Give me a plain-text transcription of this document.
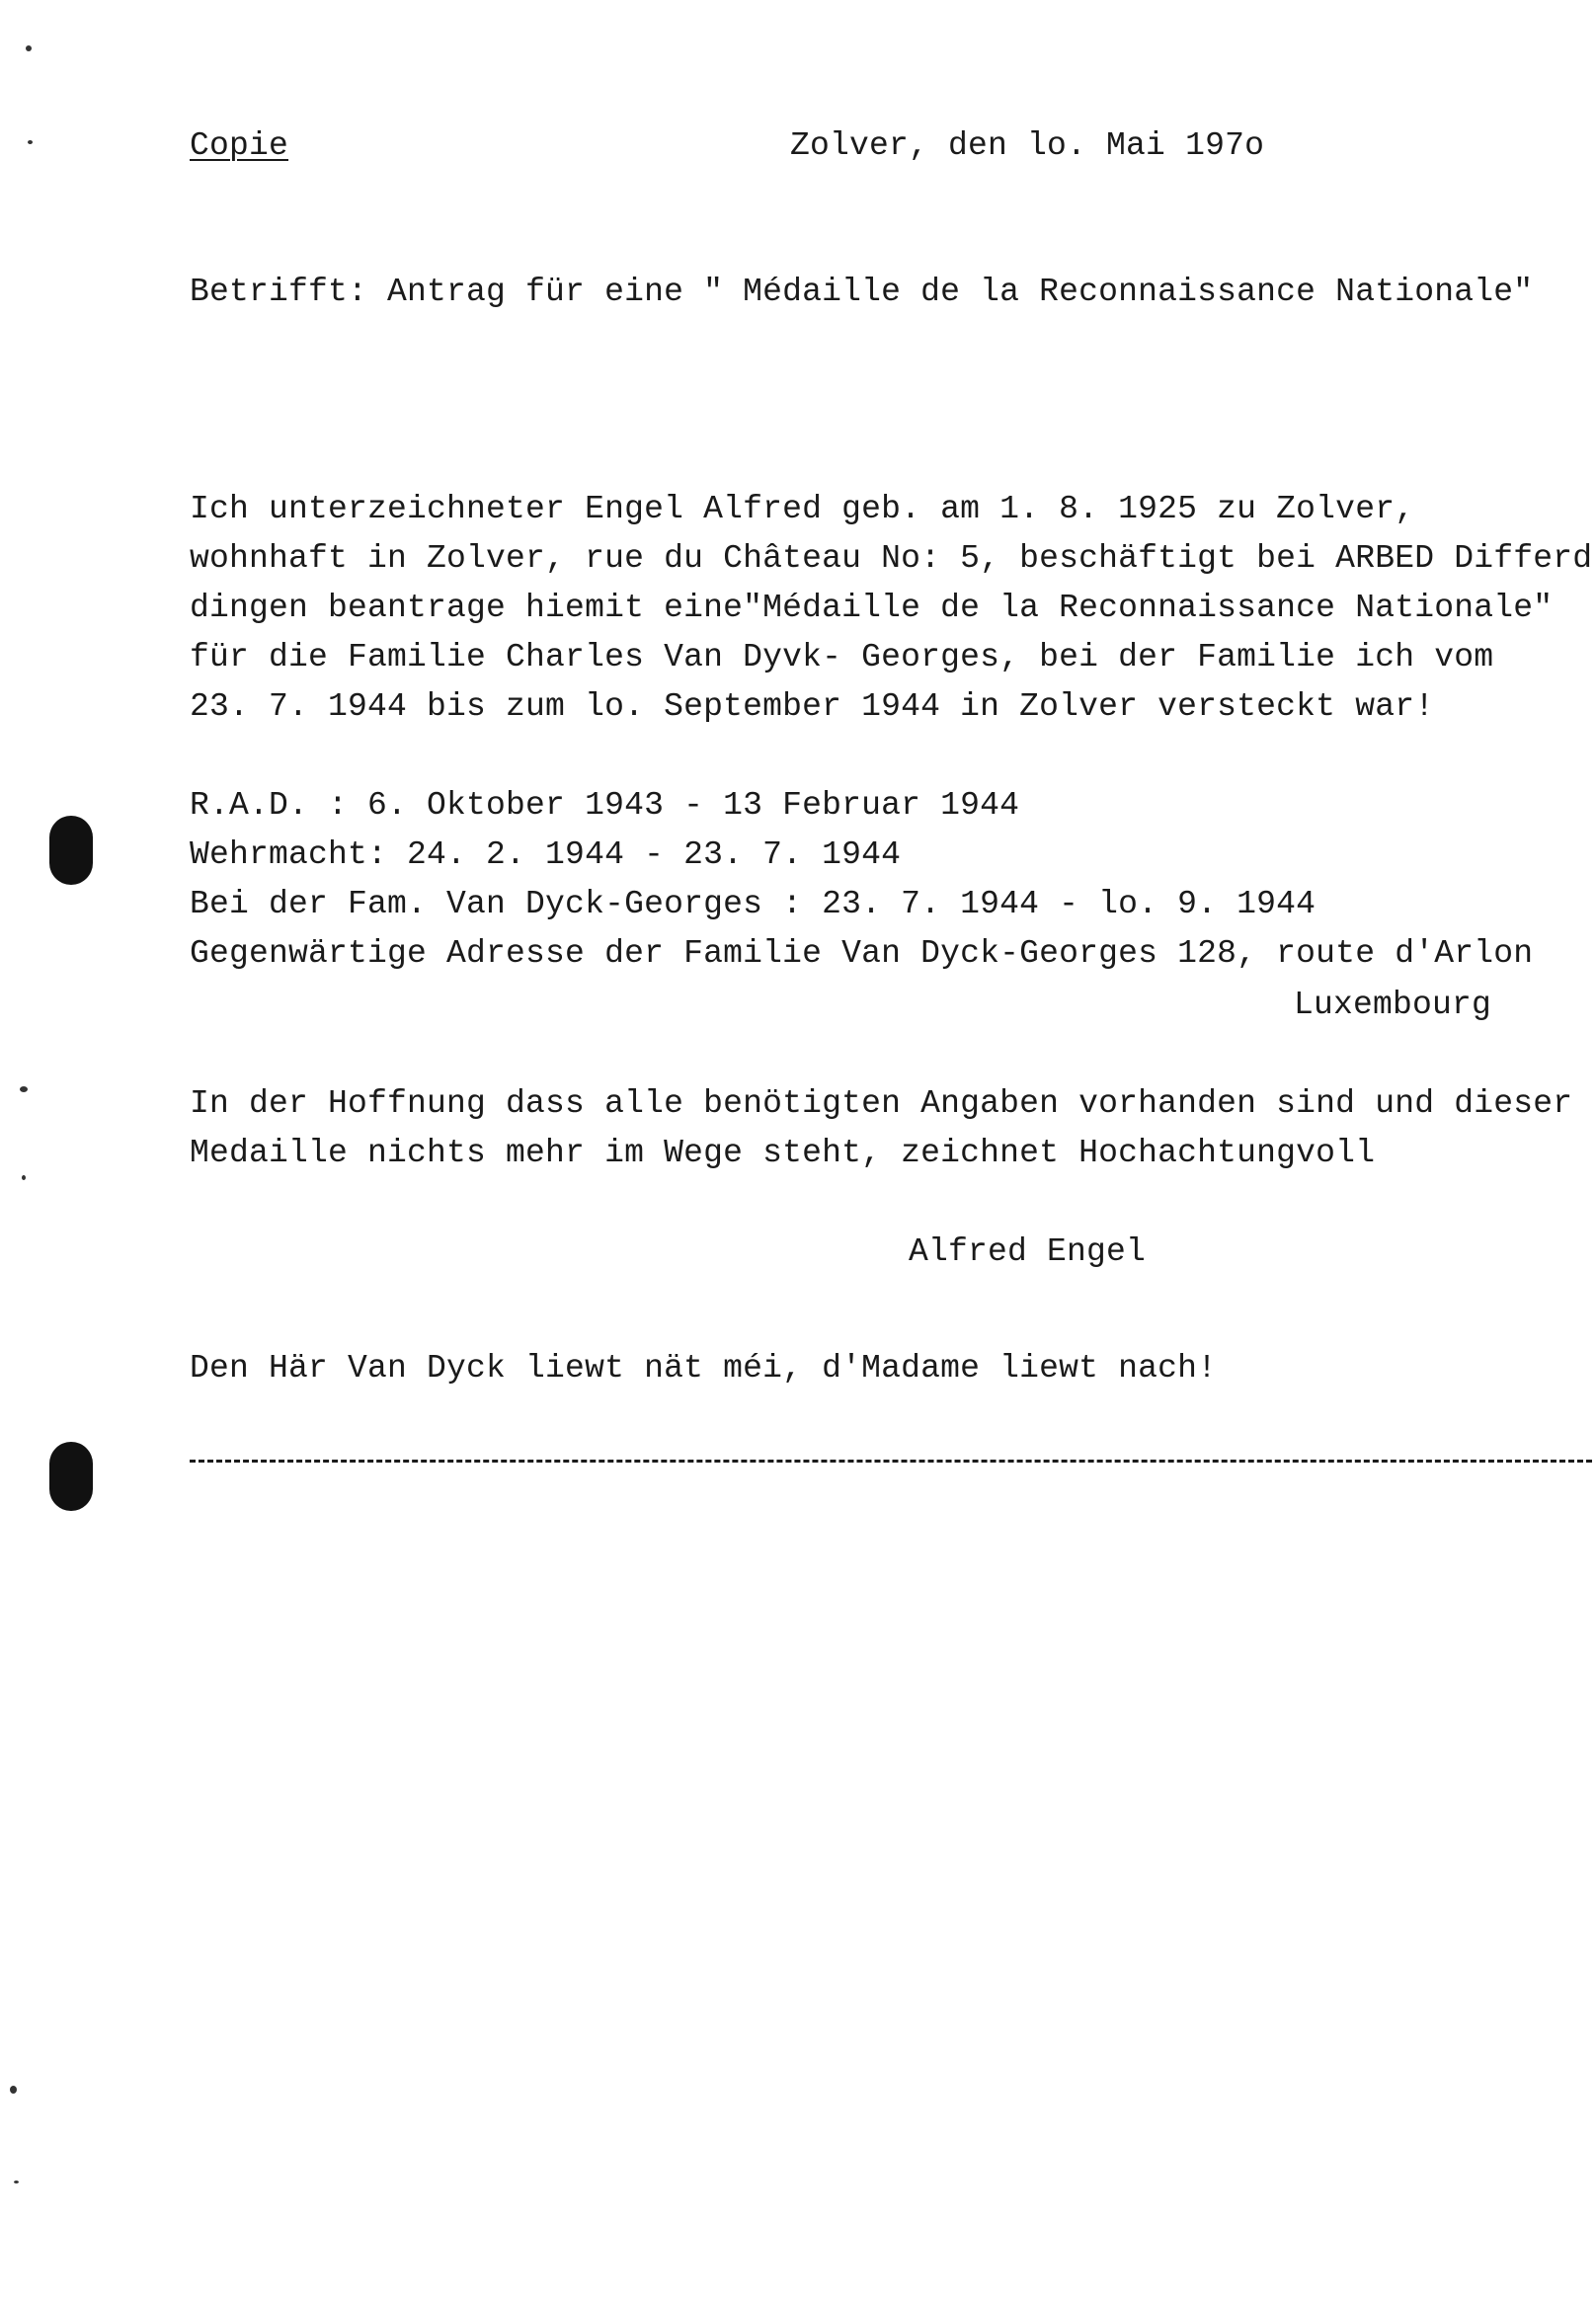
Copie	Zolver, den lo. Mai 197o
Betrifft: Antrag für eine " Médaille de la Reconnaissance Nationale"
Ich unterzeichneter Engel Alfred geb. am 1. 8. 1925 zu Zolver,
wohnhaft in Zolver, rue du Château No: 5, beschäftigt bei ARBED Differd
dingen beantrage hiemit eine"Médaille de la Reconnaissance Nationale"
für die Familie Charles Van Dyvk- Georges, bei der Familie ich vom
23. 7. 1944 bis zum lo. September 1944 in Zolver versteckt war!
R.A.D. : 6. Oktober 1943 - 13 Februar 1944
Wehrmacht: 24. 2. 1944 - 23. 7. 1944
Bei der Fam. Van Dyck-Georges : 23. 7. 1944 - lo. 9. 1944
Gegenwärtige Adresse der Familie Van Dyck-Georges 128, route d'Arlon
Luxembourg
In der Hoffnung dass alle benötigten Angaben vorhanden sind und dieser
Medaille nichts mehr im Wege steht, zeichnet Hochachtungvoll
Alfred Engel
Den Här Van Dyck liewt nät méi, d'Madame liewt nach!
